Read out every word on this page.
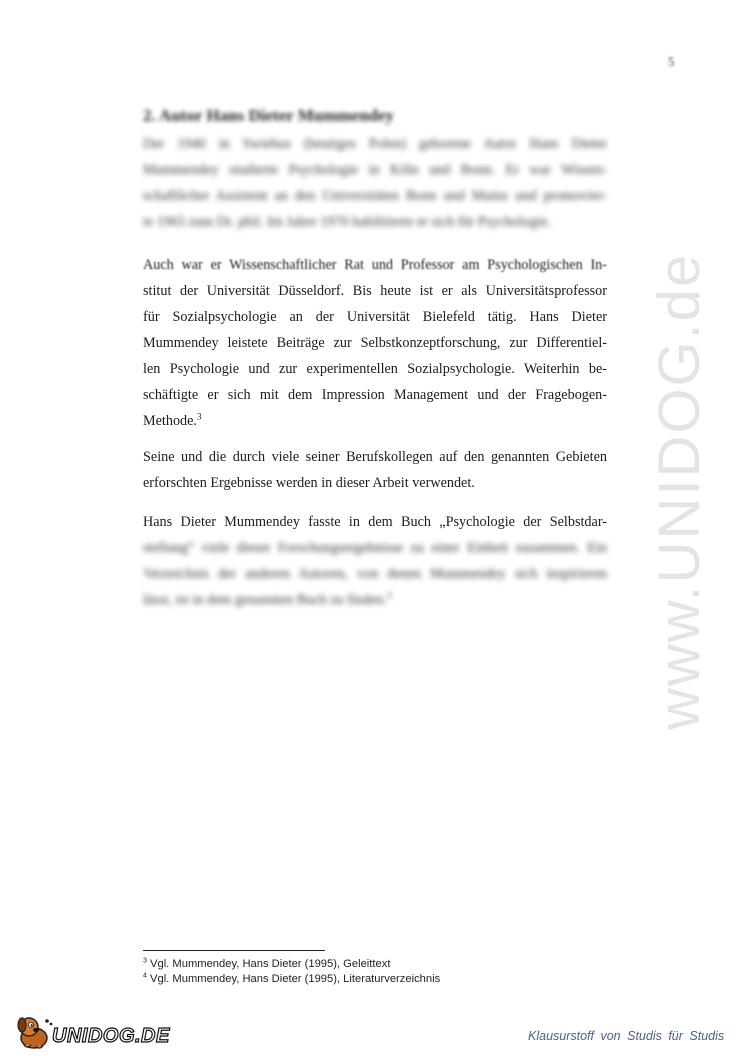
5
2. Autor Hans Dieter Mummendey
Der 1940 in Swiebus (heutiges Polen) geborene Autor Hans Dieter
Mummendey studierte Psychologie in Köln und Bonn. Er war Wissen-
schaftlicher Assistent an den Universitäten Bonn und Mainz und promovier-
te 1965 zum Dr. phil. Im Jahre 1970 habilitierte er sich für Psychologie.
Auch war er Wissenschaftlicher Rat und Professor am Psychologischen In-
stitut der Universität Düsseldorf. Bis heute ist er als Universitätsprofessor
für Sozialpsychologie an der Universität Bielefeld tätig. Hans Dieter
Mummendey leistete Beiträge zur Selbstkonzeptforschung, zur Differentiel-
len Psychologie und zur experimentellen Sozialpsychologie. Weiterhin be-
schäftigte er sich mit dem Impression Management und der Fragebogen-
Methode.$^3$
Seine und die durch viele seiner Berufskollegen auf den genannten Gebieten
erforschten Ergebnisse werden in dieser Arbeit verwendet.
Hans Dieter Mummendey fasste in dem Buch „Psychologie der Selbstdar-
stellung“ viele dieser Forschungsergebnisse zu einer Einheit zusammen. Ein
Verzeichnis der anderen Autoren, von denen Mummendey sich inspirieren
lässt, ist in dem genannten Buch zu finden.$^4$
$^3$ Vgl. Mummendey, Hans Dieter (1995), Geleittext
$^4$ Vgl. Mummendey, Hans Dieter (1995), Literaturverzeichnis
www.UNIDOG.de
UNIDOG.DE	Klausurstoff von Studis für Studis
